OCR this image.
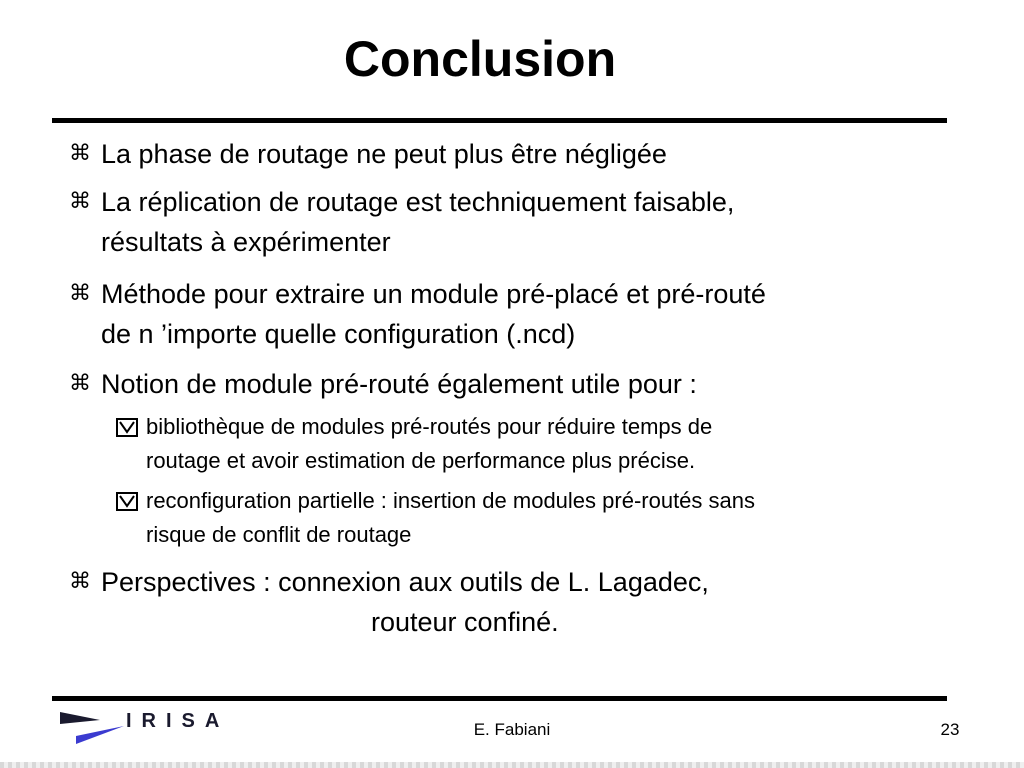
Conclusion
⌘ La phase de routage ne peut plus être négligée
⌘ La réplication de routage est techniquement faisable,
résultats à expérimenter
⌘ Méthode pour extraire un module pré-placé et pré-routé
de n ’importe quelle configuration (.ncd)
⌘ Notion de module pré-routé également utile pour :
bibliothèque de modules pré-routés pour réduire temps de
routage et avoir estimation de performance plus précise.
reconfiguration partielle : insertion de modules pré-routés sans
risque de conflit de routage
⌘ Perspectives : connexion aux outils de L. Lagadec,
routeur confiné.
IRISA	E. Fabiani	23
